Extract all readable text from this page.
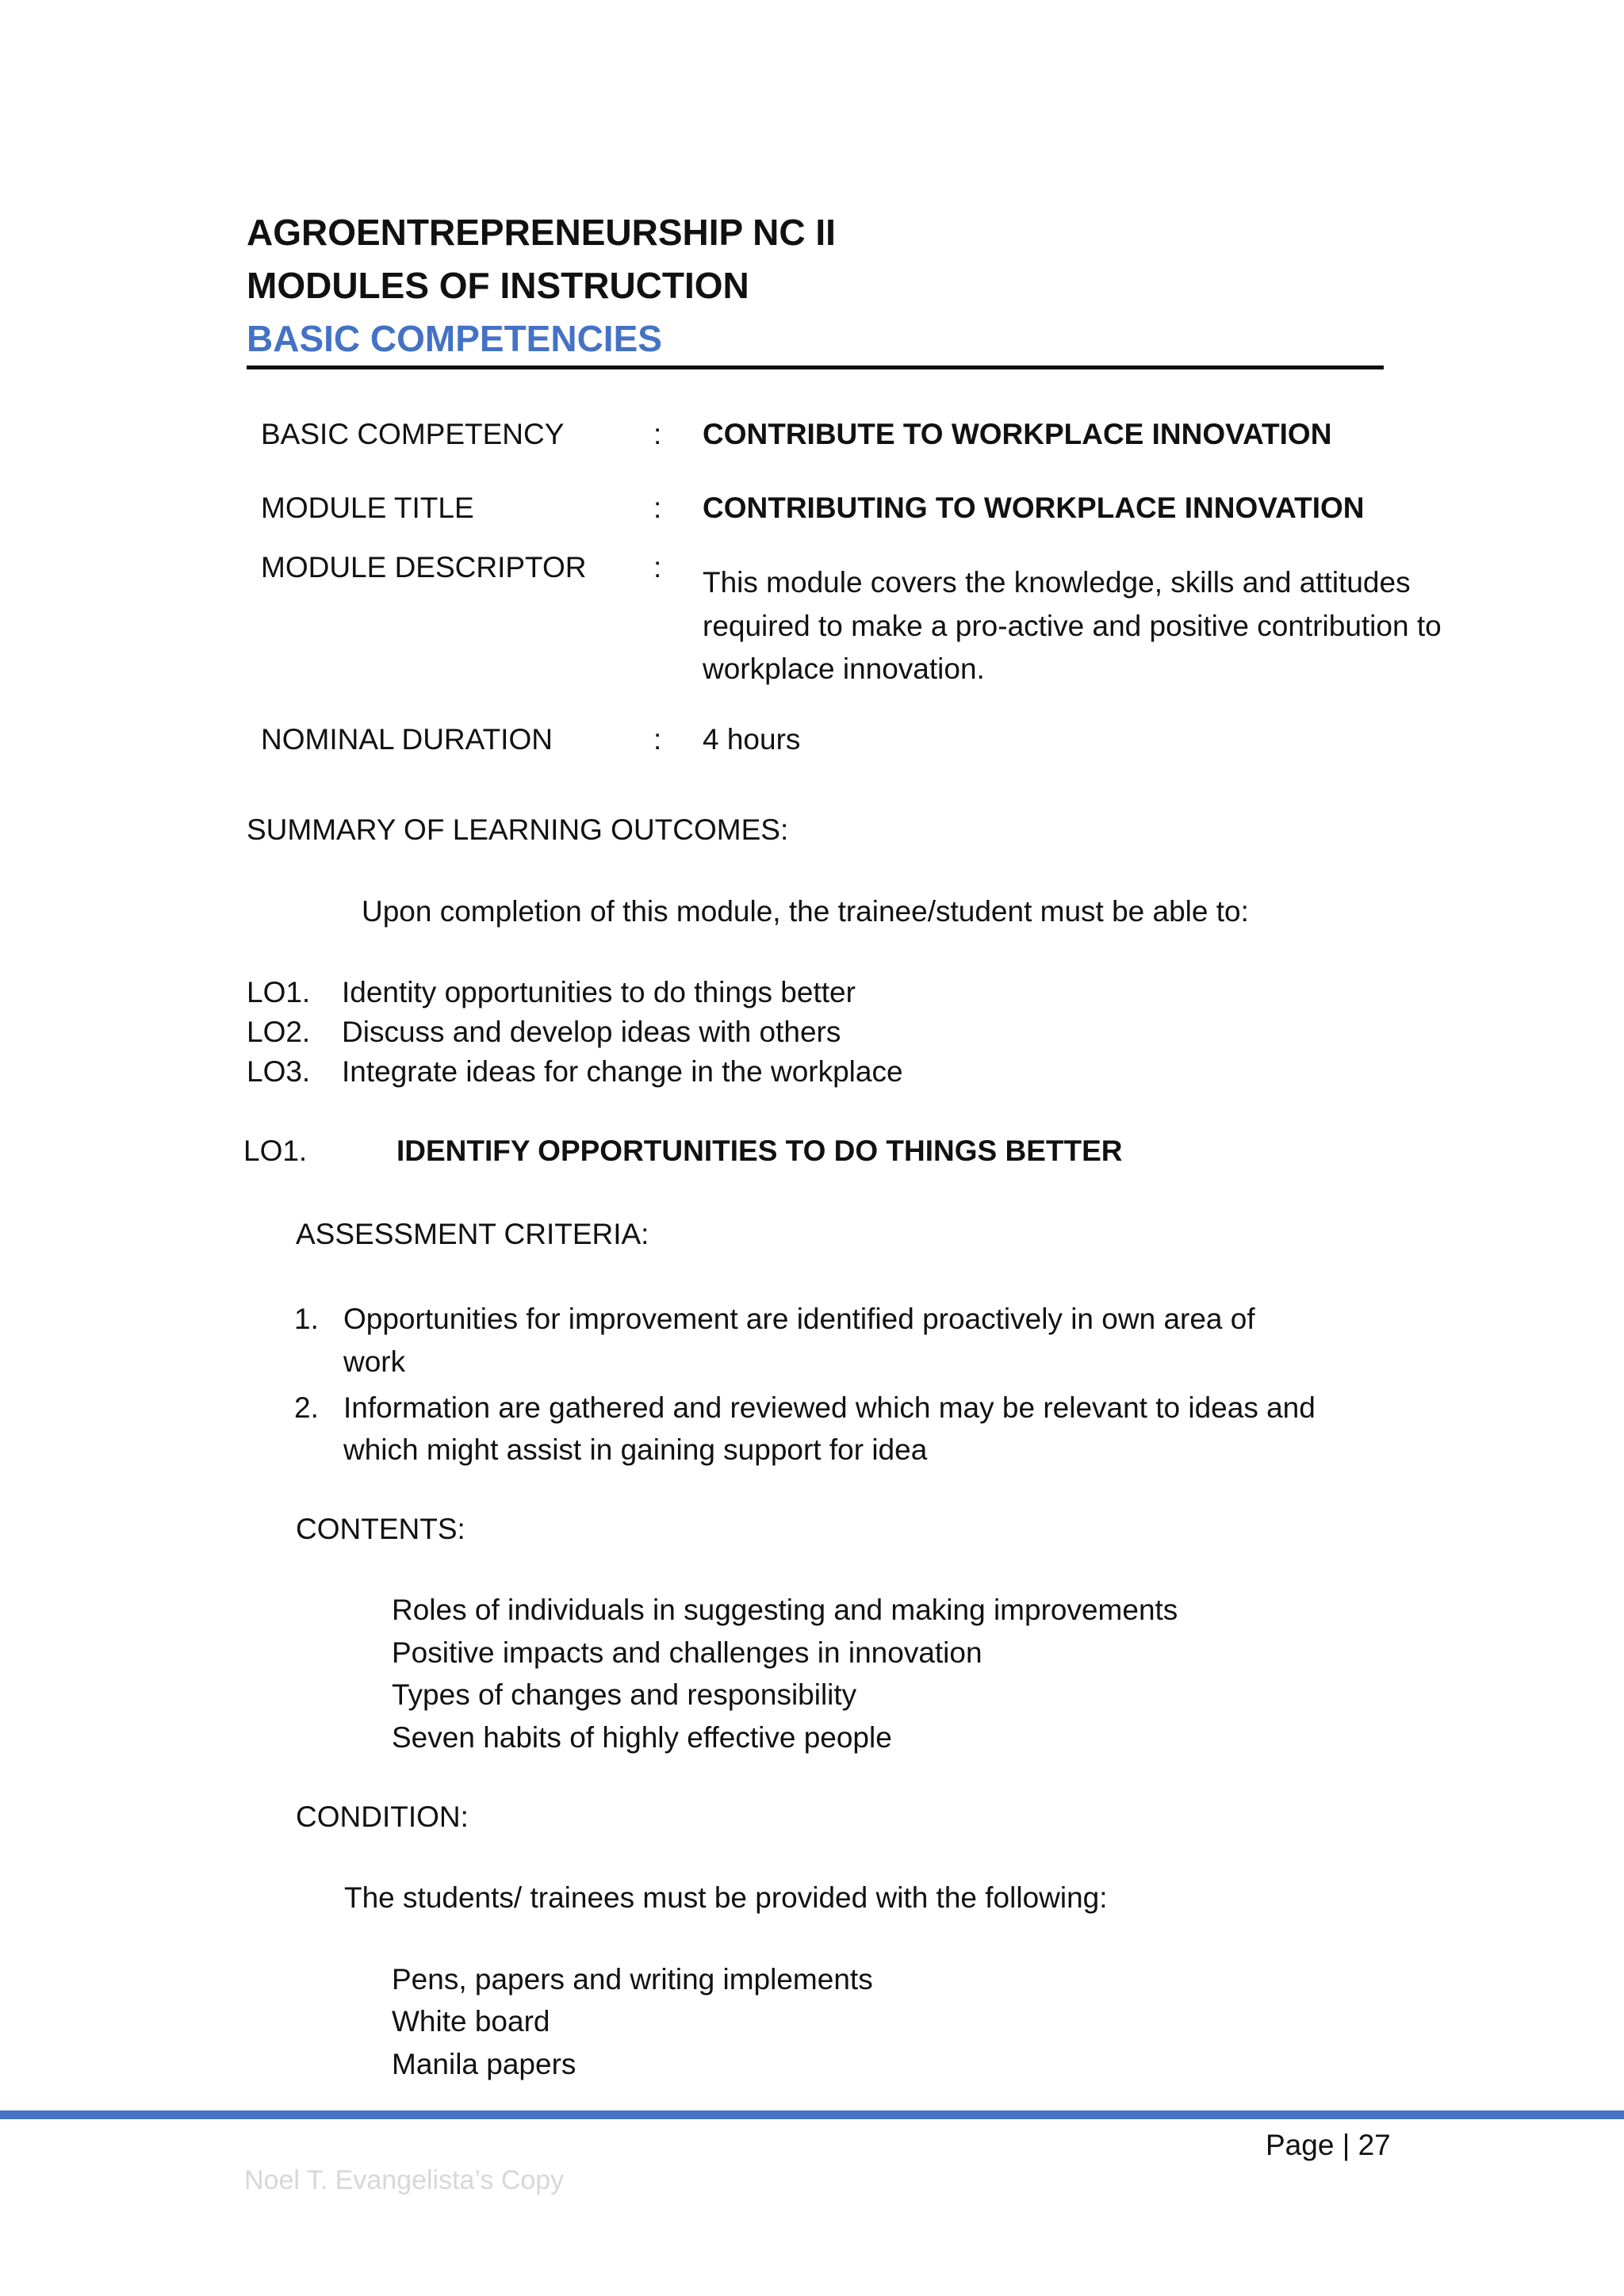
AGROENTREPRENEURSHIP NC II
MODULES OF INSTRUCTION
BASIC COMPETENCIES
BASIC COMPETENCY	: CONTRIBUTE TO WORKPLACE INNOVATION
MODULE TITLE	: CONTRIBUTING TO WORKPLACE INNOVATION
MODULE DESCRIPTOR : This module covers the knowledge, skills and attitudes
required to make a pro-active and positive contribution to
workplace innovation.
NOMINAL DURATION	: 4 hours
SUMMARY OF LEARNING OUTCOMES:
Upon completion of this module, the trainee/student must be able to:
LO1. Identity opportunities to do things better
LO2. Discuss and develop ideas with others
LO3. Integrate ideas for change in the workplace
LO1.	IDENTIFY OPPORTUNITIES TO DO THINGS BETTER
ASSESSMENT CRITERIA:
1. Opportunities for improvement are identified proactively in own area of
work
2. Information are gathered and reviewed which may be relevant to ideas and
which might assist in gaining support for idea
CONTENTS:
Roles of individuals in suggesting and making improvements
Positive impacts and challenges in innovation
Types of changes and responsibility
Seven habits of highly effective people
CONDITION:
The students/ trainees must be provided with the following:
Pens, papers and writing implements
White board
Manila papers
Page | 27
Noel T. Evangelista’s Copy
